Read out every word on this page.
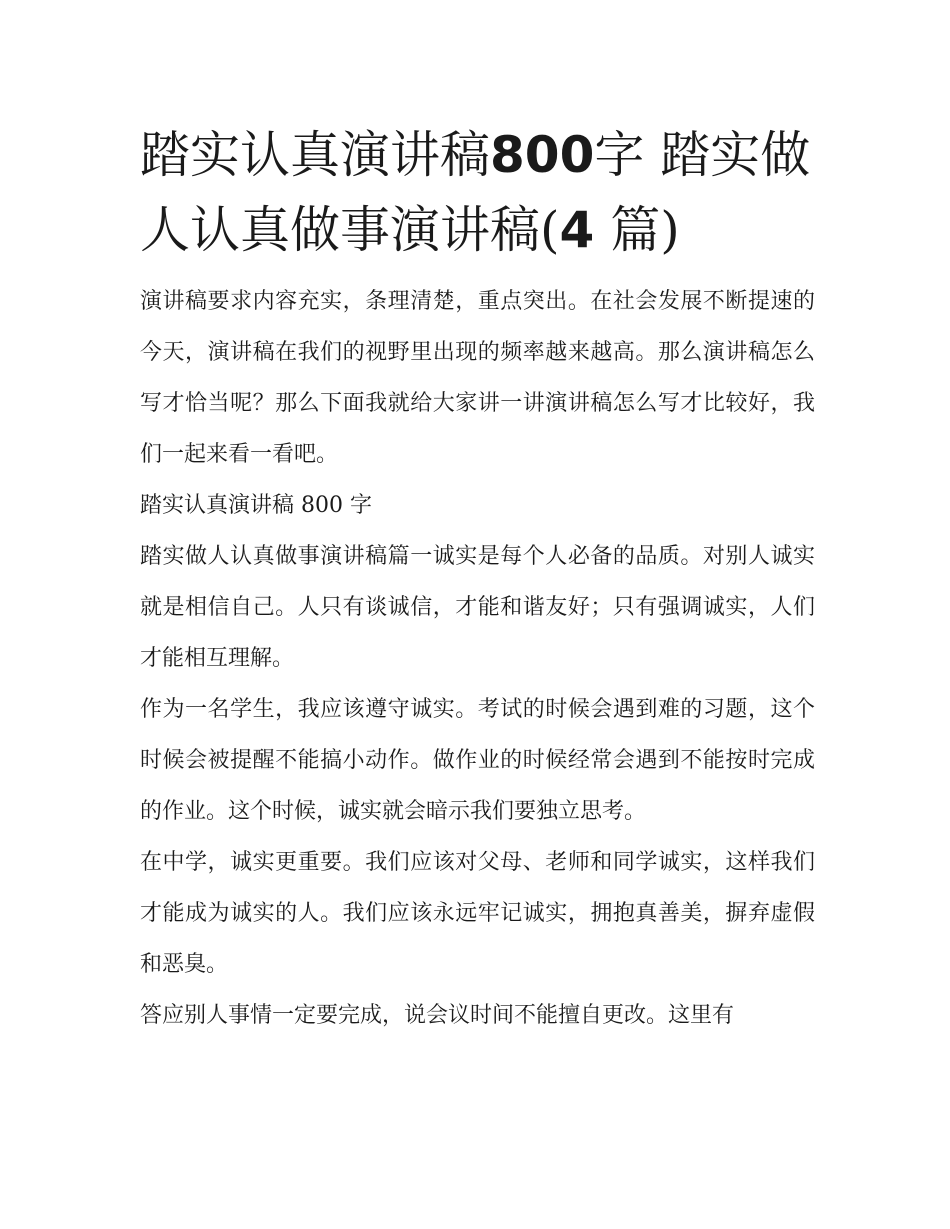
踏实认真演讲稿800字 踏实做人认真做事演讲稿(4 篇)

演讲稿要求内容充实，条理清楚，重点突出。在社会发展不断提速的今天，演讲稿在我们的视野里出现的频率越来越高。那么演讲稿怎么写才恰当呢？那么下面我就给大家讲一讲演讲稿怎么写才比较好，我们一起来看一看吧。

踏实认真演讲稿 800 字

踏实做人认真做事演讲稿篇一诚实是每个人必备的品质。对别人诚实就是相信自己。人只有谈诚信，才能和谐友好；只有强调诚实，人们才能相互理解。

作为一名学生，我应该遵守诚实。考试的时候会遇到难的习题，这个时候会被提醒不能搞小动作。做作业的时候经常会遇到不能按时完成的作业。这个时候，诚实就会暗示我们要独立思考。

在中学，诚实更重要。我们应该对父母、老师和同学诚实，这样我们才能成为诚实的人。我们应该永远牢记诚实，拥抱真善美，摒弃虚假和恶臭。

答应别人事情一定要完成，说会议时间不能擅自更改。这里有
